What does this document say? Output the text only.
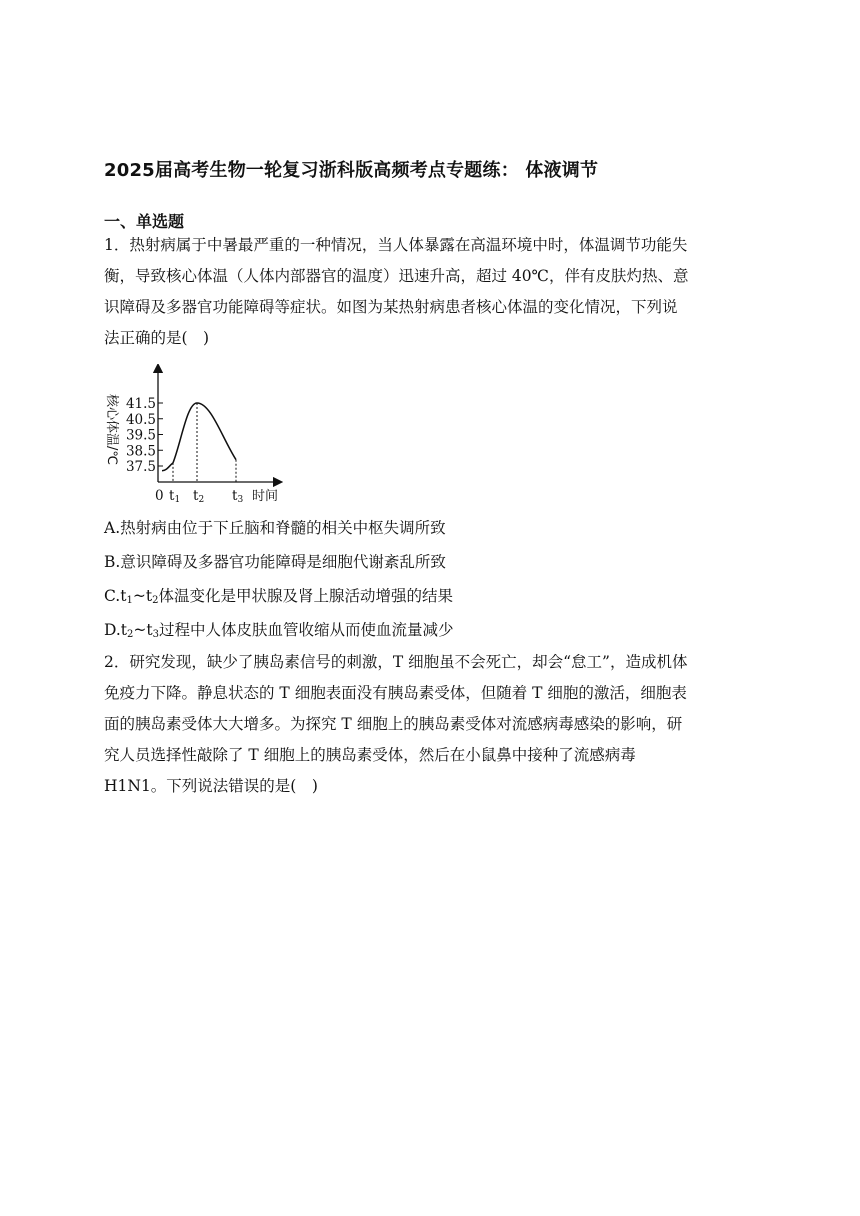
2025届高考生物一轮复习浙科版高频考点专题练： 体液调节
一、单选题
1．热射病属于中暑最严重的一种情况，当人体暴露在高温环境中时，体温调节功能失
衡，导致核心体温（人体内部器官的温度）迅速升高，超过 40℃，伴有皮肤灼热、意
识障碍及多器官功能障碍等症状。如图为某热射病患者核心体温的变化情况，下列说
法正确的是(　)
核心体温/℃
37.5
38.5
39.5
40.5
41.5
0 t1 t2 t3 时间
A.热射病由位于下丘脑和脊髓的相关中枢失调所致
B.意识障碍及多器官功能障碍是细胞代谢紊乱所致
$C.t_1\sim t_2$体温变化是甲状腺及肾上腺活动增强的结果
$D.t_2\sim t_3$过程中人体皮肤血管收缩从而使血流量减少
2．研究发现，缺少了胰岛素信号的刺激，T 细胞虽不会死亡，却会“怠工”，造成机体
免疫力下降。静息状态的 T 细胞表面没有胰岛素受体，但随着 T 细胞的激活，细胞表
面的胰岛素受体大大增多。为探究 T 细胞上的胰岛素受体对流感病毒感染的影响，研
究人员选择性敲除了 T 细胞上的胰岛素受体，然后在小鼠鼻中接种了流感病毒
H1N1。下列说法错误的是(　)
